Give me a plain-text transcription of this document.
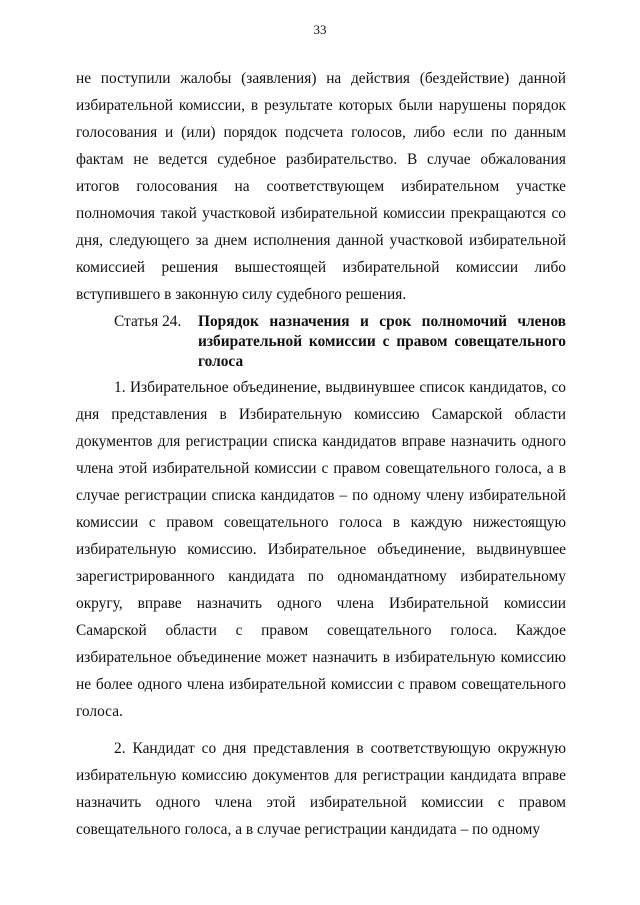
33

не поступили жалобы (заявления) на действия (бездействие) данной избирательной комиссии, в результате которых были нарушены порядок голосования и (или) порядок подсчета голосов, либо если по данным фактам не ведется судебное разбирательство. В случае обжалования итогов голосования на соответствующем избирательном участке полномочия такой участковой избирательной комиссии прекращаются со дня, следующего за днем исполнения данной участковой избирательной комиссией решения вышестоящей избирательной комиссии либо вступившего в законную силу судебного решения.

Статья 24.	Порядок назначения и срок полномочий членов избирательной комиссии с правом совещательного голоса

1. Избирательное объединение, выдвинувшее список кандидатов, со дня представления в Избирательную комиссию Самарской области документов для регистрации списка кандидатов вправе назначить одного члена этой избирательной комиссии с правом совещательного голоса, а в случае регистрации списка кандидатов – по одному члену избирательной комиссии с правом совещательного голоса в каждую нижестоящую избирательную комиссию. Избирательное объединение, выдвинувшее зарегистрированного кандидата по одномандатному избирательному округу, вправе назначить одного члена Избирательной комиссии Самарской области с правом совещательного голоса. Каждое избирательное объединение может назначить в избирательную комиссию не более одного члена избирательной комиссии с правом совещательного голоса.

2. Кандидат со дня представления в соответствующую окружную избирательную комиссию документов для регистрации кандидата вправе назначить одного члена этой избирательной комиссии с правом совещательного голоса, а в случае регистрации кандидата – по одному
